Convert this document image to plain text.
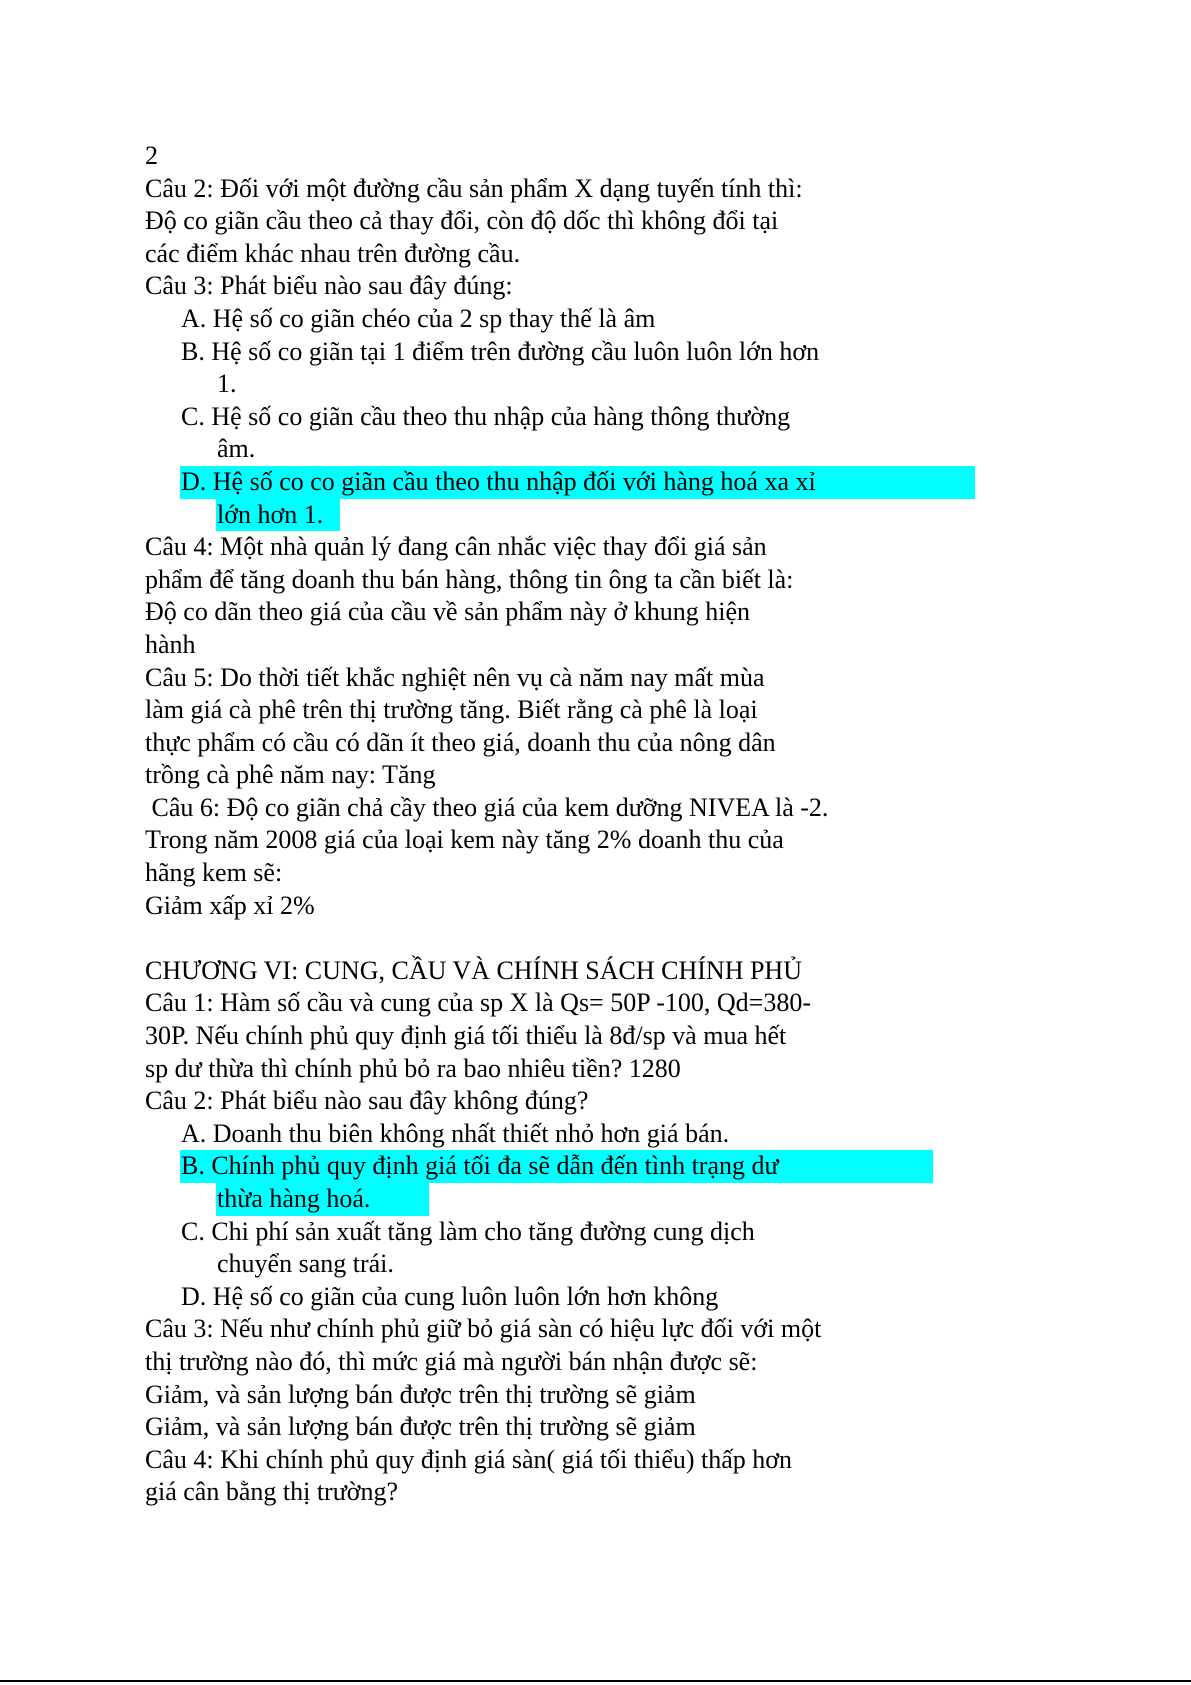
2
Câu 2: Đối với một đường cầu sản phẩm X dạng tuyến tính thì:
Độ co giãn cầu theo cả thay đổi, còn độ dốc thì không đổi tại
các điểm khác nhau trên đường cầu.
Câu 3: Phát biểu nào sau đây đúng:
A. Hệ số co giãn chéo của 2 sp thay thế là âm
B. Hệ số co giãn tại 1 điểm trên đường cầu luôn luôn lớn hơn
1.
C. Hệ số co giãn cầu theo thu nhập của hàng thông thường
âm.
D. Hệ số co co giãn cầu theo thu nhập đối với hàng hoá xa xỉ
lớn hơn 1.
Câu 4: Một nhà quản lý đang cân nhắc việc thay đổi giá sản
phẩm để tăng doanh thu bán hàng, thông tin ông ta cần biết là:
Độ co dãn theo giá của cầu về sản phẩm này ở khung hiện
hành
Câu 5: Do thời tiết khắc nghiệt nên vụ cà năm nay mất mùa
làm giá cà phê trên thị trường tăng. Biết rằng cà phê là loại
thực phẩm có cầu có dãn ít theo giá, doanh thu của nông dân
trồng cà phê năm nay: Tăng
Câu 6: Độ co giãn chả cầy theo giá của kem dưỡng NIVEA là -2.
Trong năm 2008 giá của loại kem này tăng 2% doanh thu của
hãng kem sẽ:
Giảm xấp xỉ 2%
CHƯƠNG VI: CUNG, CẦU VÀ CHÍNH SÁCH CHÍNH PHỦ
Câu 1: Hàm số cầu và cung của sp X là Qs= 50P -100, Qd=380-
30P. Nếu chính phủ quy định giá tối thiểu là 8đ/sp và mua hết
sp dư thừa thì chính phủ bỏ ra bao nhiêu tiền? 1280
Câu 2: Phát biểu nào sau đây không đúng?
A. Doanh thu biên không nhất thiết nhỏ hơn giá bán.
B. Chính phủ quy định giá tối đa sẽ dẫn đến tình trạng dư
thừa hàng hoá.
C. Chi phí sản xuất tăng làm cho tăng đường cung dịch
chuyển sang trái.
D. Hệ số co giãn của cung luôn luôn lớn hơn không
Câu 3: Nếu như chính phủ giữ bỏ giá sàn có hiệu lực đối với một
thị trường nào đó, thì mức giá mà người bán nhận được sẽ:
Giảm, và sản lượng bán được trên thị trường sẽ giảm
Giảm, và sản lượng bán được trên thị trường sẽ giảm
Câu 4: Khi chính phủ quy định giá sàn( giá tối thiểu) thấp hơn
giá cân bằng thị trường?
